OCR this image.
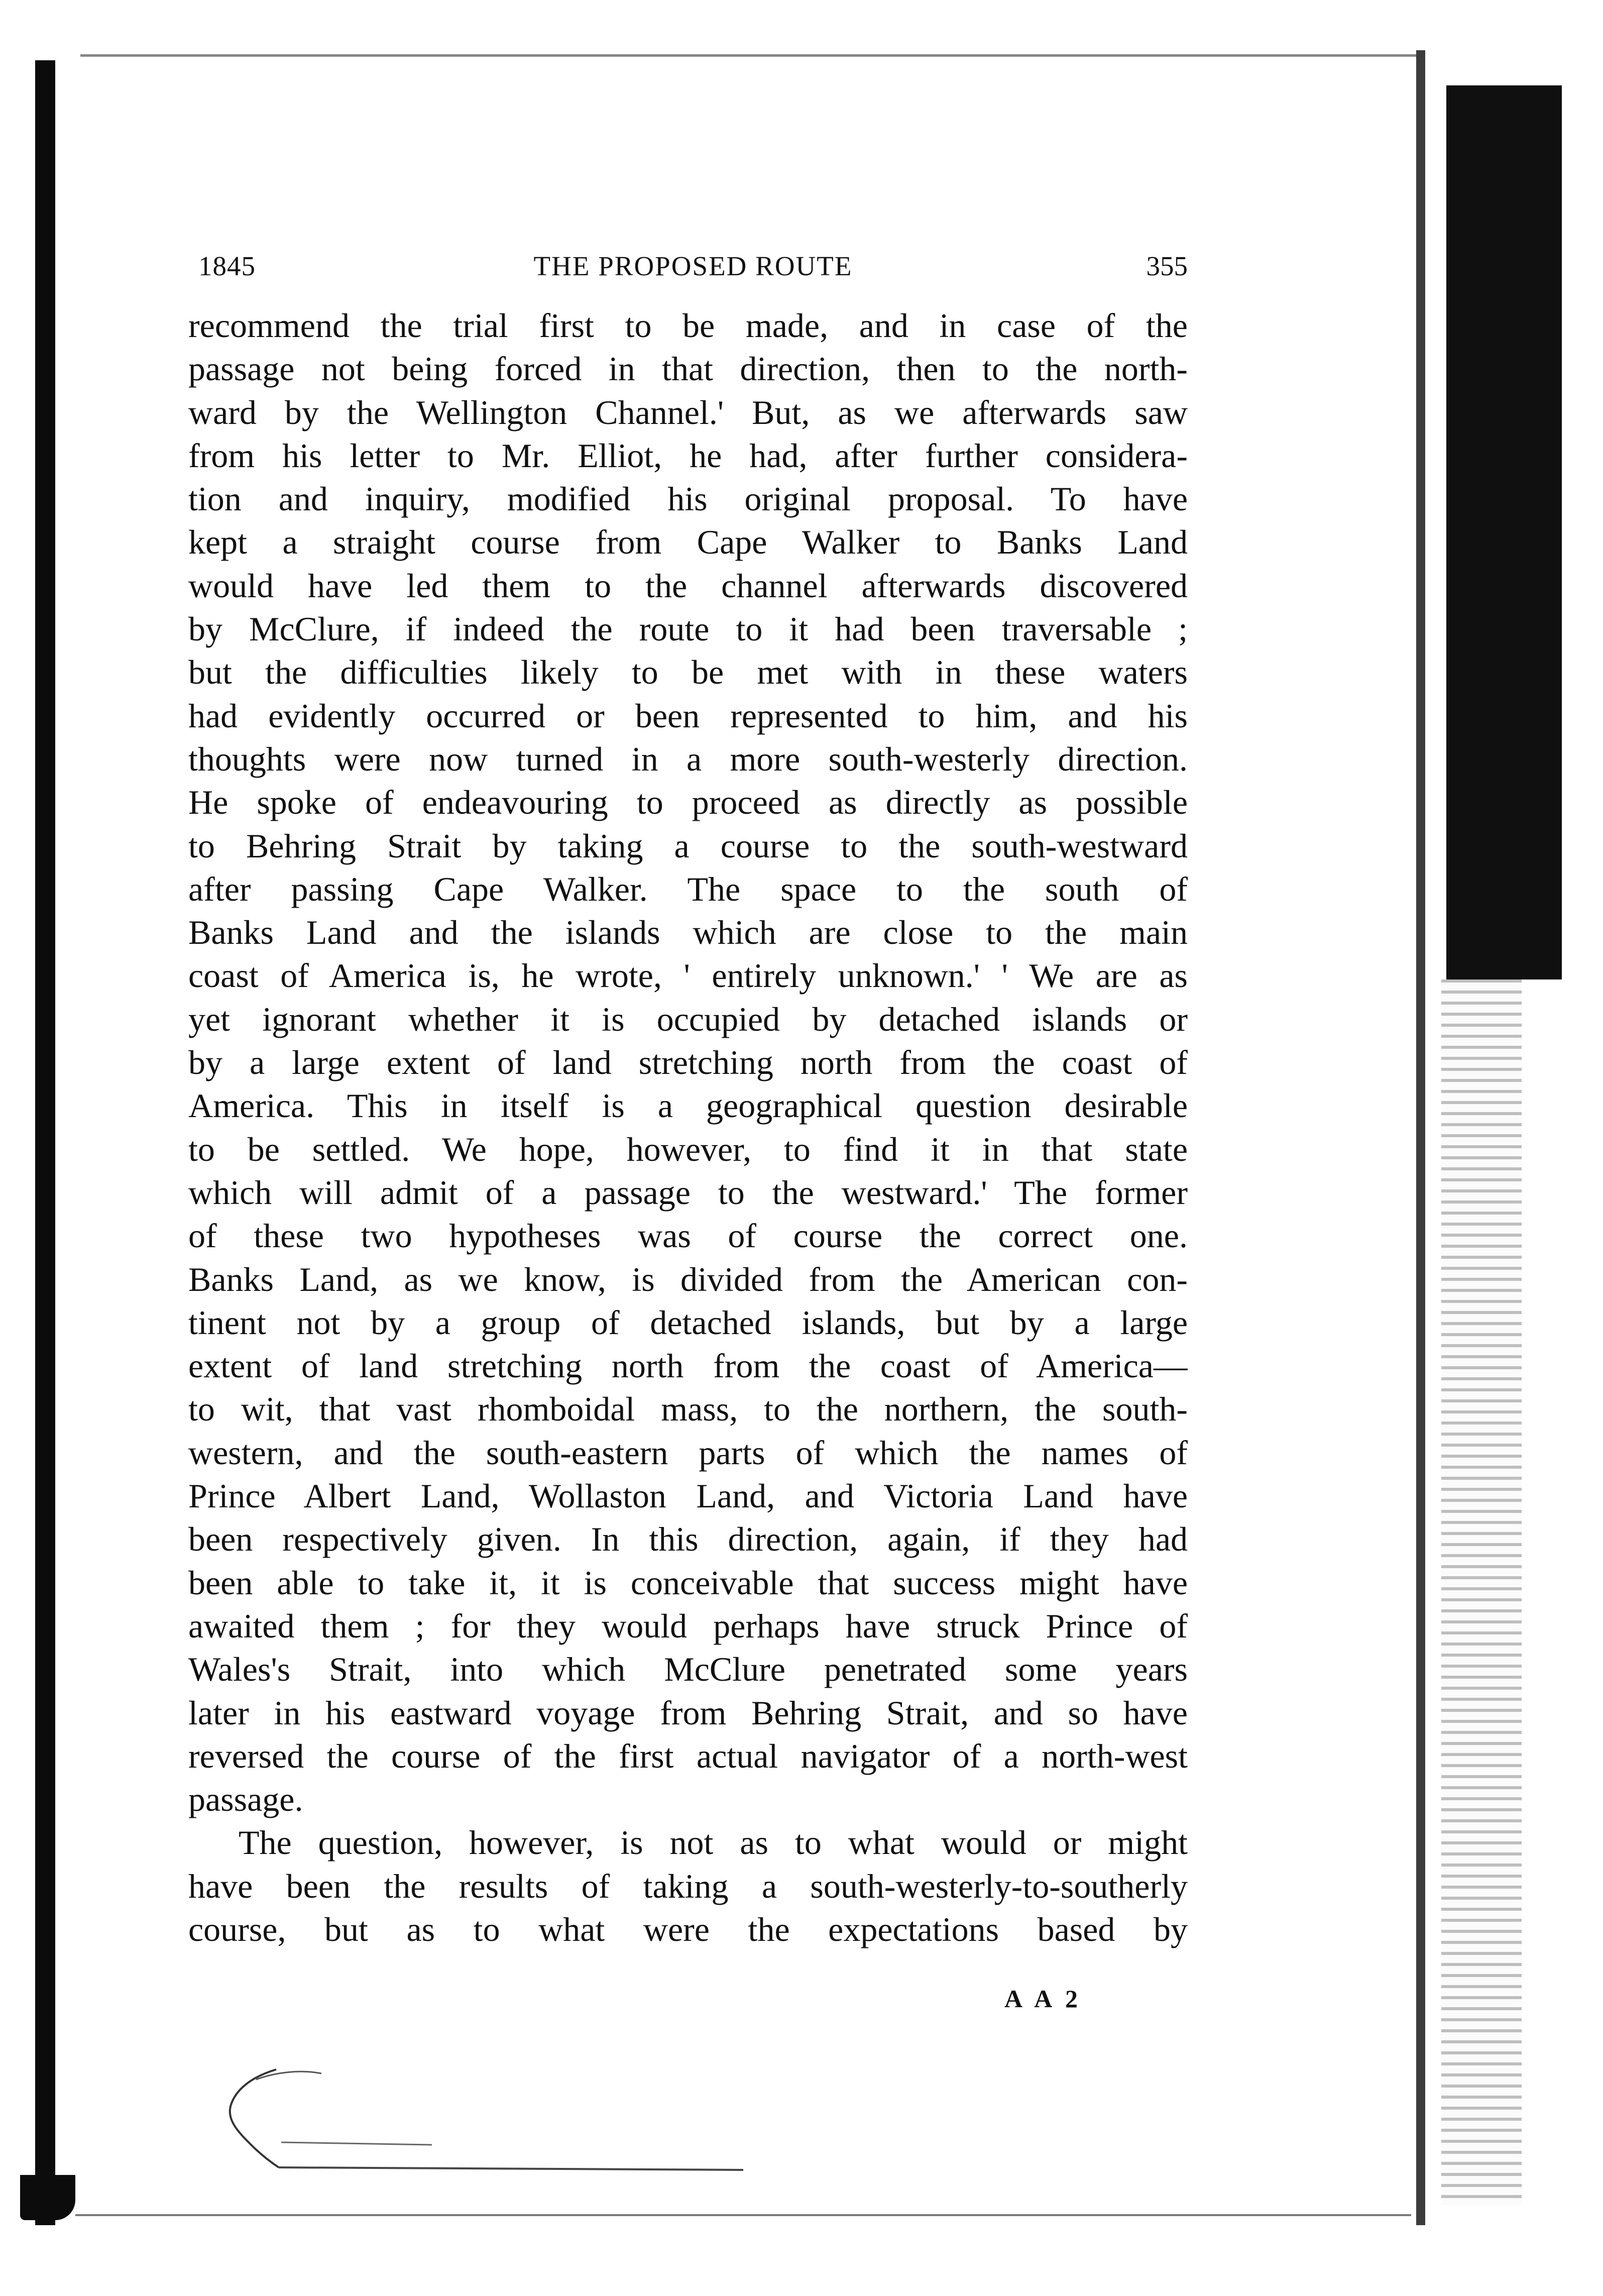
1845	THE PROPOSED ROUTE	355
recommend the trial first to be made, and in case of the
passage not being forced in that direction, then to the north-
ward by the Wellington Channel.' But, as we afterwards saw
from his letter to Mr. Elliot, he had, after further considera-
tion and inquiry, modified his original proposal. To have
kept a straight course from Cape Walker to Banks Land
would have led them to the channel afterwards discovered
by McClure, if indeed the route to it had been traversable ;
but the difficulties likely to be met with in these waters
had evidently occurred or been represented to him, and his
thoughts were now turned in a more south-westerly direction.
He spoke of endeavouring to proceed as directly as possible
to Behring Strait by taking a course to the south-westward
after passing Cape Walker. The space to the south of
Banks Land and the islands which are close to the main
coast of America is, he wrote, ' entirely unknown.' ' We are as
yet ignorant whether it is occupied by detached islands or
by a large extent of land stretching north from the coast of
America. This in itself is a geographical question desirable
to be settled. We hope, however, to find it in that state
which will admit of a passage to the westward.' The former
of these two hypotheses was of course the correct one.
Banks Land, as we know, is divided from the American con-
tinent not by a group of detached islands, but by a large
extent of land stretching north from the coast of America—
to wit, that vast rhomboidal mass, to the northern, the south-
western, and the south-eastern parts of which the names of
Prince Albert Land, Wollaston Land, and Victoria Land have
been respectively given. In this direction, again, if they had
been able to take it, it is conceivable that success might have
awaited them ; for they would perhaps have struck Prince of
Wales's Strait, into which McClure penetrated some years
later in his eastward voyage from Behring Strait, and so have
reversed the course of the first actual navigator of a north-west
passage.
The question, however, is not as to what would or might
have been the results of taking a south-westerly-to-southerly
course, but as to what were the expectations based by
A A 2
